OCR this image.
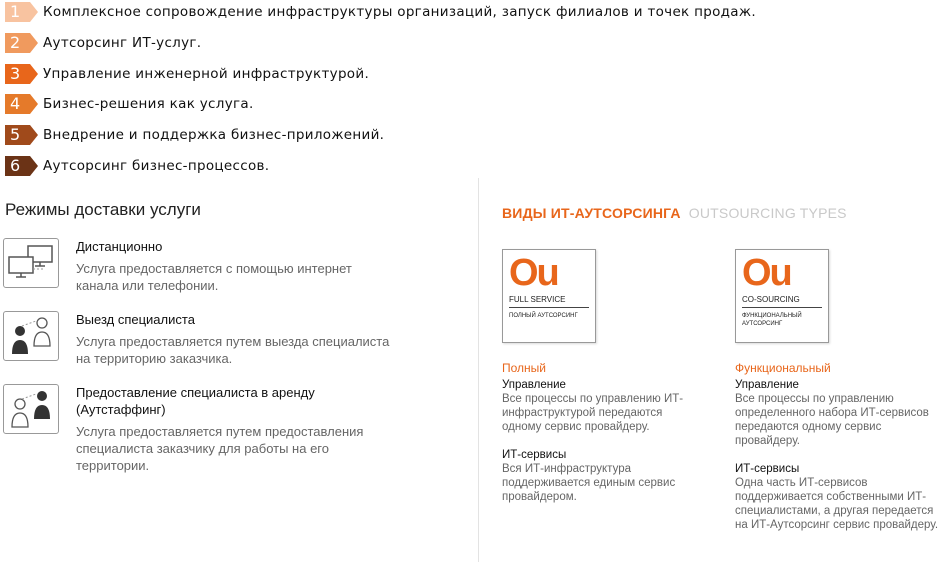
1	Комплексное сопровождение инфраструктуры организаций, запуск филиалов и точек продаж.
2	Аутсорсинг ИТ-услуг.
3	Управление инженерной инфраструктурой.
4	Бизнес-решения как услуга.
5	Внедрение и поддержка бизнес-приложений.
6	Аутсорсинг бизнес-процессов.
Режимы доставки услуги
Дистанционно
Услуга предоставляется с помощью интернет канала или телефонии.
Выезд специалиста
Услуга предоставляется путем выезда специалиста на территорию заказчика.
Предоставление специалиста в аренду (Аутстаффинг)
Услуга предоставляется путем предоставления специалиста заказчику для работы на его территории.
ВИДЫ ИТ-АУТСОРСИНГА OUTSOURCING TYPES
Ou
FULL SERVICE
ПОЛНЫЙ АУТСОРСИНГ
Ou
CO-SOURCING
ФУНКЦИОНАЛЬНЫЙ АУТСОРСИНГ
Полный
Управление
Все процессы по управлению ИТ-инфраструктурой передаются одному сервис провайдеру.
ИТ-сервисы
Вся ИТ-инфраструктура поддерживается единым сервис провайдером.
Функциональный
Управление
Все процессы по управлению определенного набора ИТ-сервисов передаются одному сервис провайдеру.
ИТ-сервисы
Одна часть ИТ-сервисов поддерживается собственными ИТ-специалистами, а другая передается на ИТ-Аутсорсинг сервис провайдеру.
